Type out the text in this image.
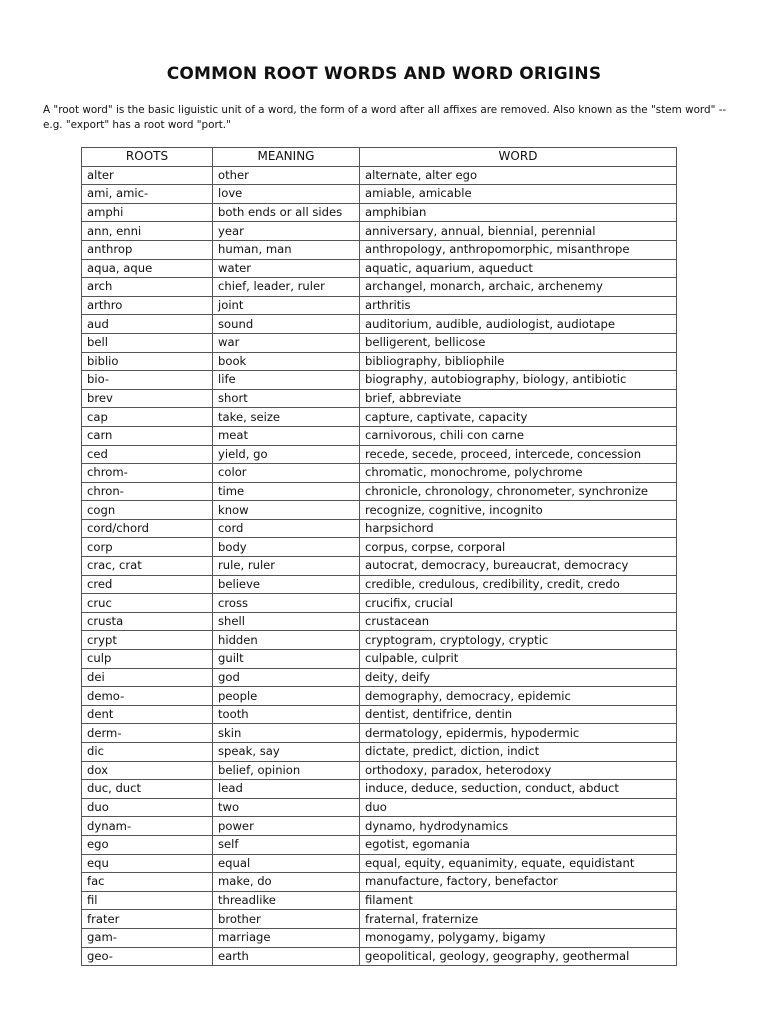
COMMON ROOT WORDS AND WORD ORIGINS

A "root word" is the basic liguistic unit of a word, the form of a word after all affixes are removed. Also known as the "stem word" -- e.g. "export" has a root word "port."

ROOTS	MEANING	WORD
alter	other	alternate, alter ego
ami, amic-	love	amiable, amicable
amphi	both ends or all sides	amphibian
ann, enni	year	anniversary, annual, biennial, perennial
anthrop	human, man	anthropology, anthropomorphic, misanthrope
aqua, aque	water	aquatic, aquarium, aqueduct
arch	chief, leader, ruler	archangel, monarch, archaic, archenemy
arthro	joint	arthritis
aud	sound	auditorium, audible, audiologist, audiotape
bell	war	belligerent, bellicose
biblio	book	bibliography, bibliophile
bio-	life	biography, autobiography, biology, antibiotic
brev	short	brief, abbreviate
cap	take, seize	capture, captivate, capacity
carn	meat	carnivorous, chili con carne
ced	yield, go	recede, secede, proceed, intercede, concession
chrom-	color	chromatic, monochrome, polychrome
chron-	time	chronicle, chronology, chronometer, synchronize
cogn	know	recognize, cognitive, incognito
cord/chord	cord	harpsichord
corp	body	corpus, corpse, corporal
crac, crat	rule, ruler	autocrat, democracy, bureaucrat, democracy
cred	believe	credible, credulous, credibility, credit, credo
cruc	cross	crucifix, crucial
crusta	shell	crustacean
crypt	hidden	cryptogram, cryptology, cryptic
culp	guilt	culpable, culprit
dei	god	deity, deify
demo-	people	demography, democracy, epidemic
dent	tooth	dentist, dentifrice, dentin
derm-	skin	dermatology, epidermis, hypodermic
dic	speak, say	dictate, predict, diction, indict
dox	belief, opinion	orthodoxy, paradox, heterodoxy
duc, duct	lead	induce, deduce, seduction, conduct, abduct
duo	two	duo
dynam-	power	dynamo, hydrodynamics
ego	self	egotist, egomania
equ	equal	equal, equity, equanimity, equate, equidistant
fac	make, do	manufacture, factory, benefactor
fil	threadlike	filament
frater	brother	fraternal, fraternize
gam-	marriage	monogamy, polygamy, bigamy
geo-	earth	geopolitical, geology, geography, geothermal
